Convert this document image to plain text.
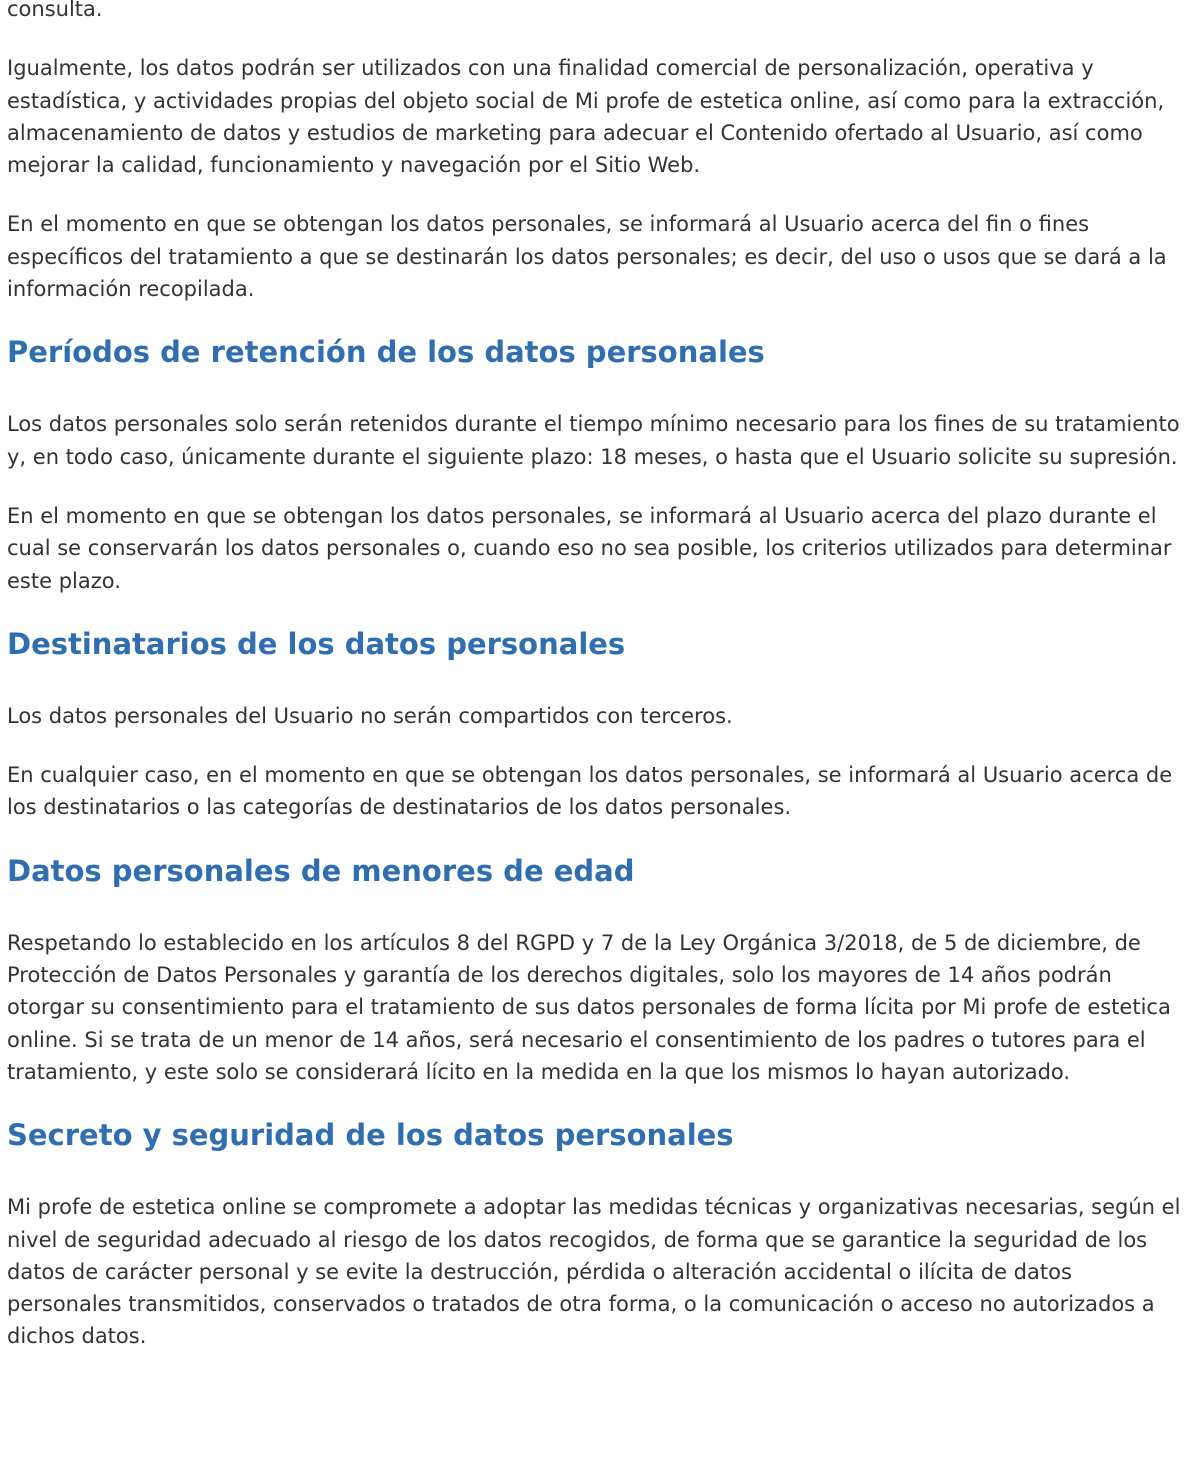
consulta.

Igualmente, los datos podrán ser utilizados con una finalidad comercial de personalización, operativa y estadística, y actividades propias del objeto social de Mi profe de estetica online, así como para la extracción, almacenamiento de datos y estudios de marketing para adecuar el Contenido ofertado al Usuario, así como mejorar la calidad, funcionamiento y navegación por el Sitio Web.

En el momento en que se obtengan los datos personales, se informará al Usuario acerca del fin o fines específicos del tratamiento a que se destinarán los datos personales; es decir, del uso o usos que se dará a la información recopilada.

Períodos de retención de los datos personales

Los datos personales solo serán retenidos durante el tiempo mínimo necesario para los fines de su tratamiento y, en todo caso, únicamente durante el siguiente plazo: 18 meses, o hasta que el Usuario solicite su supresión.

En el momento en que se obtengan los datos personales, se informará al Usuario acerca del plazo durante el cual se conservarán los datos personales o, cuando eso no sea posible, los criterios utilizados para determinar este plazo.

Destinatarios de los datos personales

Los datos personales del Usuario no serán compartidos con terceros.

En cualquier caso, en el momento en que se obtengan los datos personales, se informará al Usuario acerca de los destinatarios o las categorías de destinatarios de los datos personales.

Datos personales de menores de edad

Respetando lo establecido en los artículos 8 del RGPD y 7 de la Ley Orgánica 3/2018, de 5 de diciembre, de Protección de Datos Personales y garantía de los derechos digitales, solo los mayores de 14 años podrán otorgar su consentimiento para el tratamiento de sus datos personales de forma lícita por Mi profe de estetica online. Si se trata de un menor de 14 años, será necesario el consentimiento de los padres o tutores para el tratamiento, y este solo se considerará lícito en la medida en la que los mismos lo hayan autorizado.

Secreto y seguridad de los datos personales

Mi profe de estetica online se compromete a adoptar las medidas técnicas y organizativas necesarias, según el nivel de seguridad adecuado al riesgo de los datos recogidos, de forma que se garantice la seguridad de los datos de carácter personal y se evite la destrucción, pérdida o alteración accidental o ilícita de datos personales transmitidos, conservados o tratados de otra forma, o la comunicación o acceso no autorizados a dichos datos.
